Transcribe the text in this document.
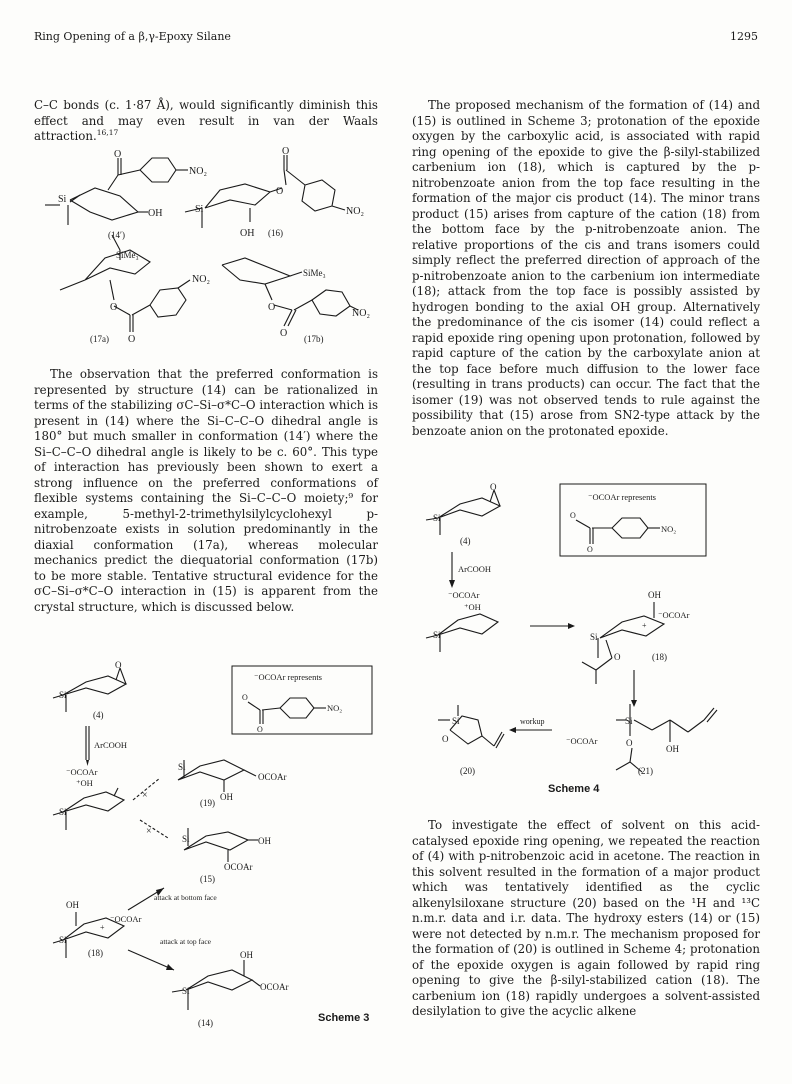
Ring Opening of a β,γ-Epoxy Silane	1295

C–C bonds (c. 1·87 Å), would significantly diminish this effect and may even result in van der Waals attraction.$^{16,17}$

The observation that the preferred conformation is represented by structure (14) can be rationalized in terms of the stabilizing σC–Si–σ*C–O interaction which is present in (14) where the Si–C–C–O dihedral angle is 180° but much smaller in conformation (14′) where the Si–C–C–O dihedral angle is likely to be c. 60°. This type of interaction has previously been shown to exert a strong influence on the preferred conformations of flexible systems containing the Si–C–C–O moiety;⁹ for example, 5-methyl-2-trimethylsilylcyclohexyl p-nitrobenzoate exists in solution predominantly in the diaxial conformation (17a), whereas molecular mechanics predict the diequatorial conformation (17b) to be more stable. Tentative structural evidence for the σC–Si–σ*C–O interaction in (15) is apparent from the crystal structure, which is discussed below.

The proposed mechanism of the formation of (14) and (15) is outlined in Scheme 3; protonation of the epoxide oxygen by the carboxylic acid, is associated with rapid ring opening of the epoxide to give the β-silyl-stabilized carbenium ion (18), which is captured by the p-nitrobenzoate anion from the top face resulting in the formation of the major cis product (14). The minor trans product (15) arises from capture of the cation (18) from the bottom face by the p-nitrobenzoate anion. The relative proportions of the cis and trans isomers could simply reflect the preferred direction of approach of the p-nitrobenzoate anion to the carbenium ion intermediate (18); attack from the top face is possibly assisted by hydrogen bonding to the axial OH group. Alternatively the predominance of the cis isomer (14) could reflect a rapid epoxide ring opening upon protonation, followed by rapid capture of the cation by the carboxylate anion at the top face before much diffusion to the lower face (resulting in trans products) can occur. The fact that the isomer (19) was not observed tends to rule against the possibility that (15) arose from SN2-type attack by the benzoate anion on the protonated epoxide.

To investigate the effect of solvent on this acid-catalysed epoxide ring opening, we repeated the reaction of (4) with p-nitrobenzoic acid in acetone. The reaction in this solvent resulted in the formation of a major product which was tentatively identified as the cyclic alkenylsiloxane structure (20) based on the ¹H and ¹³C n.m.r. data and i.r. data. The hydroxy esters (14) or (15) were not detected by n.m.r. The mechanism proposed for the formation of (20) is outlined in Scheme 4; protonation of the epoxide oxygen is again followed by rapid ring opening to give the β-silyl-stabilized cation (18). The carbenium ion (18) rapidly undergoes a solvent-assisted desilylation to give the acyclic alkene

O
NO₂
Si
OH
(14′)
O
O
Si	NO₂
OH (16)
SiMe₃
O
NO₂
O
(17a)
SiMe₃
O
O
NO₂
(17b)
O
Si
(4)
⁻OCOAr represents
O
O
NO₂
ArCOOH
⁻OCOAr
⁺OH
Si
×
Si
OCOAr
OH
(19)
×
Si	OH
OCOAr
(15)
OH
⁻OCOAr
Si
+
(18)
attack at bottom face
attack at top face
Si
OH
OCOAr
(14)	Scheme 3
O
Si
(4)
⁻OCOAr represents
O
O
NO₂
ArCOOH
⁻OCOAr
⁺OH
Si
OH
⁻OCOAr
Si
O
+
(18)
Si
O
(20)
workup	Si
⁻OCOAr	O
OH
(21)
Scheme 4
